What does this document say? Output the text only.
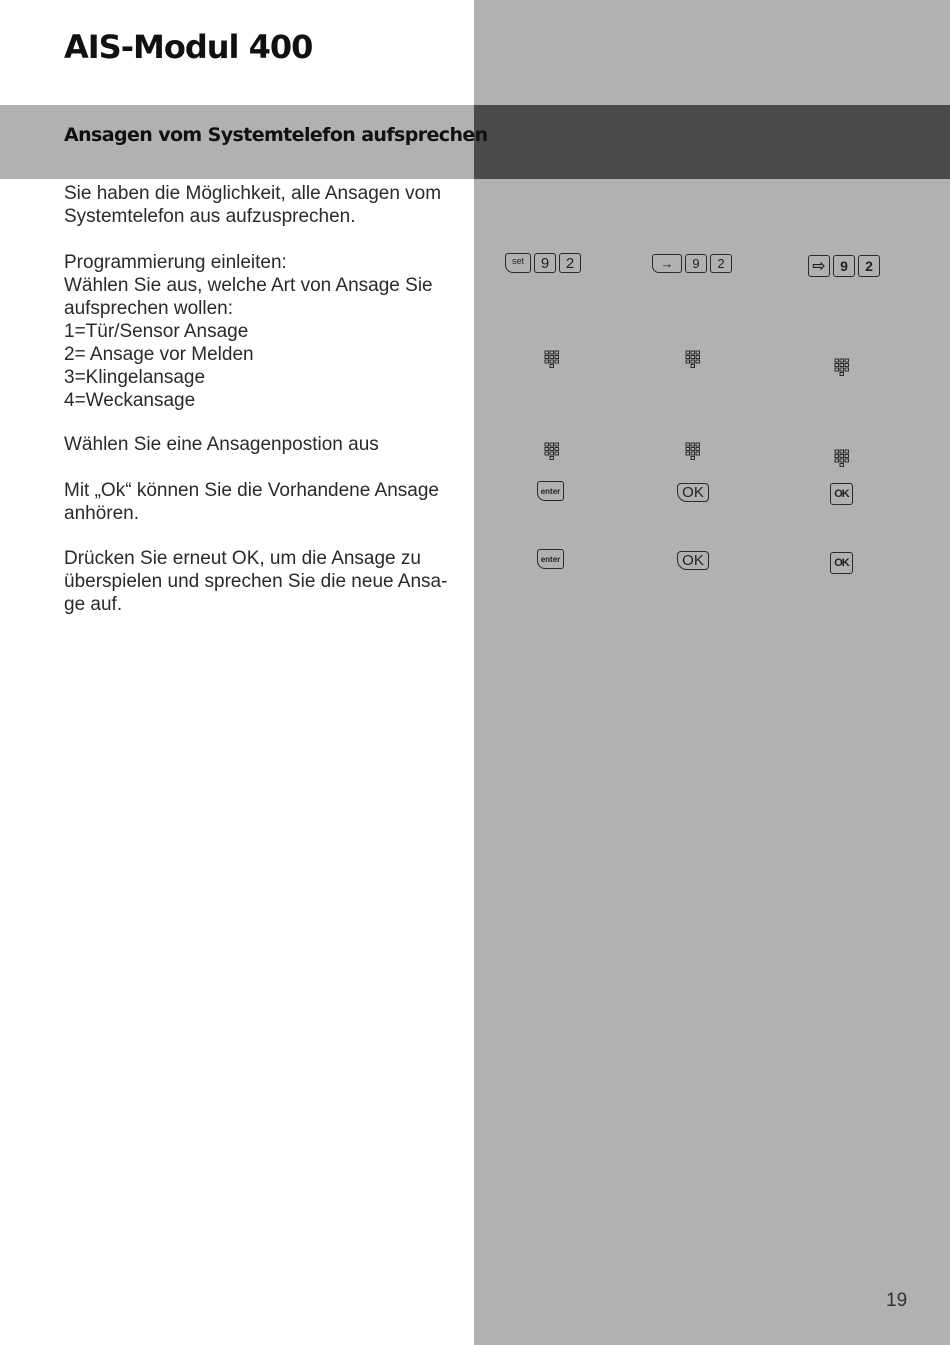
AIS-Modul 400
Ansagen vom Systemtelefon aufsprechen

Sie haben die Möglichkeit, alle Ansagen vom
Systemtelefon aus aufzusprechen.

Programmierung einleiten:
Wählen Sie aus, welche Art von Ansage Sie
aufsprechen wollen:
1=Tür/Sensor Ansage
2= Ansage vor Melden
3=Klingelansage
4=Weckansage

Wählen Sie eine Ansagenpostion aus

Mit „Ok“ können Sie die Vorhandene Ansage
anhören.

Drücken Sie erneut OK, um die Ansage zu
überspielen und sprechen Sie die neue Ansa-
ge auf.

set	9	2	→	9	2	⇨	9	2
enter	OK	OK
enter	OK	OK
19
